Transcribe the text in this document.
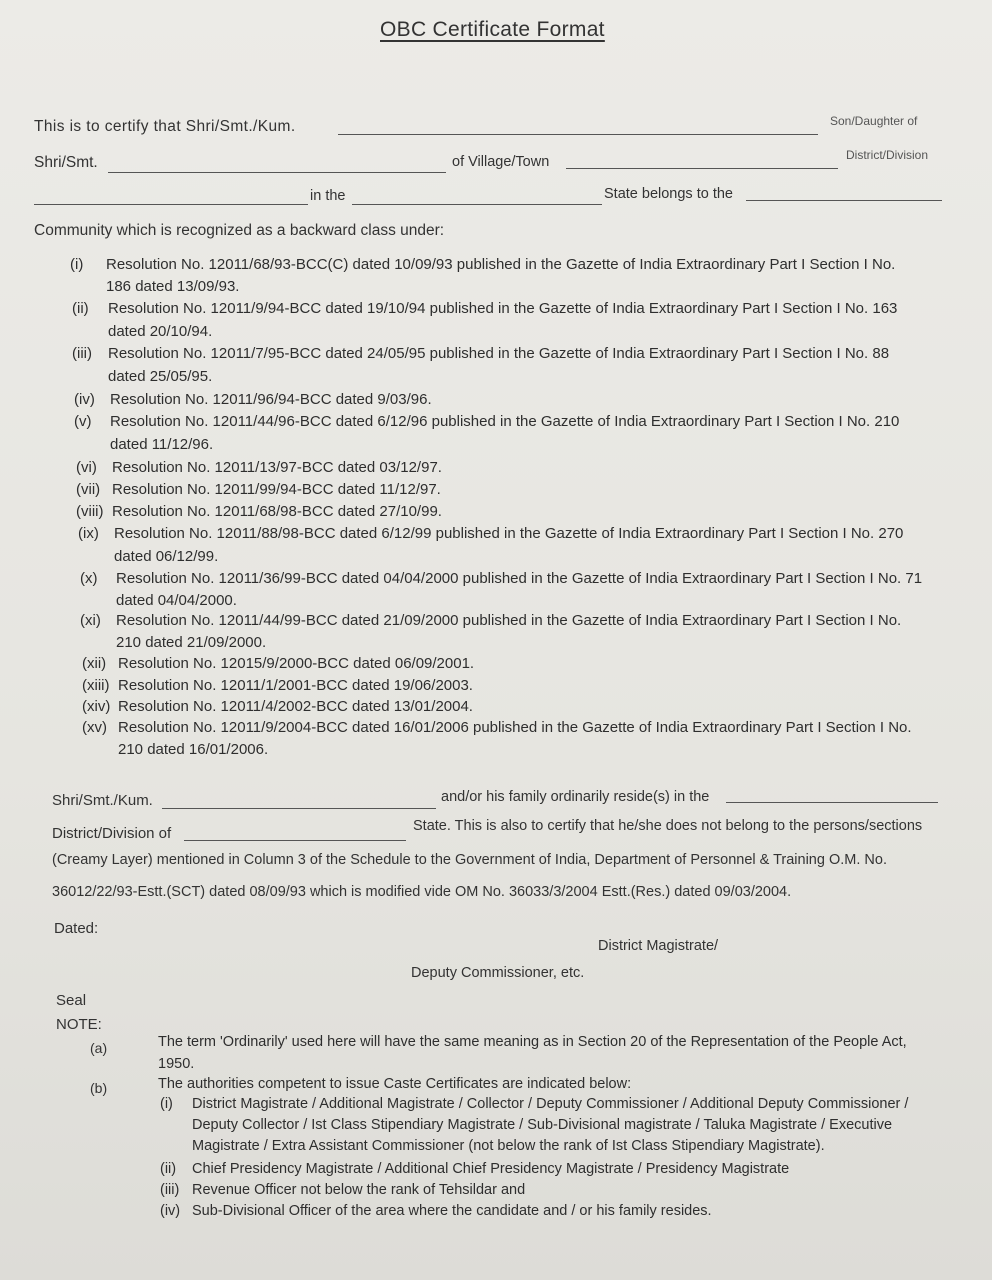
OBC Certificate Format
This is to certify that Shri/Smt./Kum.	Son/Daughter of
Shri/Smt.	of Village/Town	District/Division
in the	State belongs to the
Community which is recognized as a backward class under:
(i) Resolution No. 12011/68/93-BCC(C) dated 10/09/93 published in the Gazette of India Extraordinary Part I Section I No.
186 dated 13/09/93.
(ii) Resolution No. 12011/9/94-BCC dated 19/10/94 published in the Gazette of India Extraordinary Part I Section I No. 163
dated 20/10/94.
(iii) Resolution No. 12011/7/95-BCC dated 24/05/95 published in the Gazette of India Extraordinary Part I Section I No. 88
dated 25/05/95.
(iv) Resolution No. 12011/96/94-BCC dated 9/03/96.
(v) Resolution No. 12011/44/96-BCC dated 6/12/96 published in the Gazette of India Extraordinary Part I Section I No. 210
dated 11/12/96.
(vi) Resolution No. 12011/13/97-BCC dated 03/12/97.
(vii) Resolution No. 12011/99/94-BCC dated 11/12/97.
(viii) Resolution No. 12011/68/98-BCC dated 27/10/99.
(ix) Resolution No. 12011/88/98-BCC dated 6/12/99 published in the Gazette of India Extraordinary Part I Section I No. 270
dated 06/12/99.
(x) Resolution No. 12011/36/99-BCC dated 04/04/2000 published in the Gazette of India Extraordinary Part I Section I No. 71
dated 04/04/2000.
(xi) Resolution No. 12011/44/99-BCC dated 21/09/2000 published in the Gazette of India Extraordinary Part I Section I No.
210 dated 21/09/2000.
(xii) Resolution No. 12015/9/2000-BCC dated 06/09/2001.
(xiii) Resolution No. 12011/1/2001-BCC dated 19/06/2003.
(xiv) Resolution No. 12011/4/2002-BCC dated 13/01/2004.
(xv) Resolution No. 12011/9/2004-BCC dated 16/01/2006 published in the Gazette of India Extraordinary Part I Section I No.
210 dated 16/01/2006.
Shri/Smt./Kum.	and/or his family ordinarily reside(s) in the
District/Division of	State. This is also to certify that he/she does not belong to the persons/sections
(Creamy Layer) mentioned in Column 3 of the Schedule to the Government of India, Department of Personnel & Training O.M. No.
36012/22/93-Estt.(SCT) dated 08/09/93 which is modified vide OM No. 36033/3/2004 Estt.(Res.) dated 09/03/2004.
Dated:
District Magistrate/
Deputy Commissioner, etc.
Seal
NOTE:
(a)	The term 'Ordinarily' used here will have the same meaning as in Section 20 of the Representation of the People Act,
1950.
(b)	The authorities competent to issue Caste Certificates are indicated below:
(i) District Magistrate / Additional Magistrate / Collector / Deputy Commissioner / Additional Deputy Commissioner /
Deputy Collector / Ist Class Stipendiary Magistrate / Sub-Divisional magistrate / Taluka Magistrate / Executive
Magistrate / Extra Assistant Commissioner (not below the rank of Ist Class Stipendiary Magistrate).
(ii) Chief Presidency Magistrate / Additional Chief Presidency Magistrate / Presidency Magistrate
(iii) Revenue Officer not below the rank of Tehsildar and
(iv) Sub-Divisional Officer of the area where the candidate and / or his family resides.
